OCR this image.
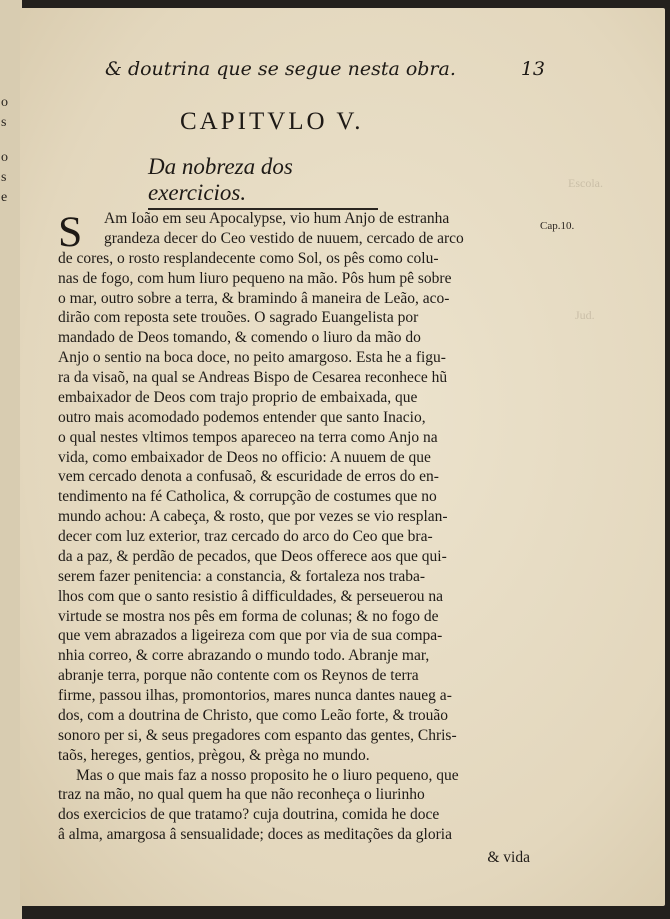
o
s
o
s
e
& doutrina que se segue nesta obra.	13
CAPITVLO V.
Da nobreza dos exercicios.
Cap.10.
Escola.
Jud.
S Am Ioão em seu Apocalypse, vio hum Anjo de estranha
grandeza decer do Ceo vestido de nuuem, cercado de arco
de cores, o rosto resplandecente como Sol, os pês como colu-
nas de fogo, com hum liuro pequeno na mão. Pôs hum pê sobre
o mar, outro sobre a terra, & bramindo â maneira de Leão, aco-
dirão com reposta sete trouões. O sagrado Euangelista por
mandado de Deos tomando, & comendo o liuro da mão do
Anjo o sentio na boca doce, no peito amargoso. Esta he a figu-
ra da visaõ, na qual se Andreas Bispo de Cesarea reconhece hũ
embaixador de Deos com trajo proprio de embaixada, que
outro mais acomodado podemos entender que santo Inacio,
o qual nestes vltimos tempos apareceo na terra como Anjo na
vida, como embaixador de Deos no officio: A nuuem de que
vem cercado denota a confusaõ, & escuridade de erros do en-
tendimento na fé Catholica, & corrupção de costumes que no
mundo achou: A cabeça, & rosto, que por vezes se vio resplan-
decer com luz exterior, traz cercado do arco do Ceo que bra-
da a paz, & perdão de pecados, que Deos offerece aos que qui-
serem fazer penitencia: a constancia, & fortaleza nos traba-
lhos com que o santo resistio â difficuldades, & perseuerou na
virtude se mostra nos pês em forma de colunas; & no fogo de
que vem abrazados a ligeireza com que por via de sua compa-
nhia correo, & corre abrazando o mundo todo. Abranje mar,
abranje terra, porque não contente com os Reynos de terra
firme, passou ilhas, promontorios, mares nunca dantes naueg a-
dos, com a doutrina de Christo, que como Leão forte, & trouão
sonoro per si, & seus pregadores com espanto das gentes, Chris-
taõs, hereges, gentios, prègou, & prègа no mundo.
Mas o que mais faz a nosso proposito he o liuro pequeno, que
traz na mão, no qual quem ha que não reconheça o liurinho
dos exercicios de que tratamo? cuja doutrina, comida he doce
â alma, amargosa â sensualidade; doces as meditações da gloria
& vida
